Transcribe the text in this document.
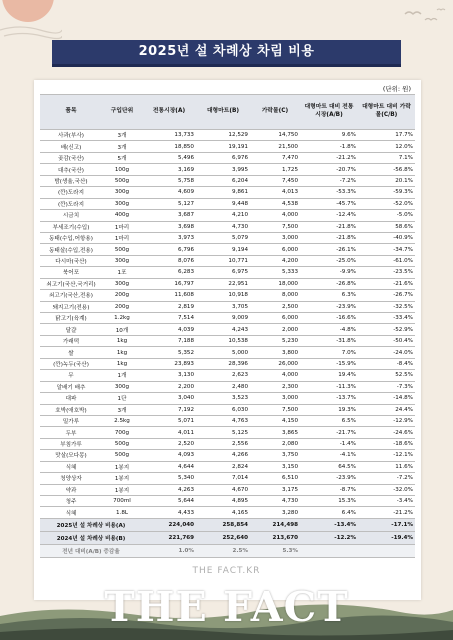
2025년 설 차례상 차림 비용
(단위: 원)
품목	구입단위	전통시장(A)	대형마트(B)	가락몰(C)	대형마트 대비 전통시장(A/B)	대형마트 대비 가락몰(C/B)
사과(부사)	3개	13,733	12,529	14,750	9.6%	17.7%
배(신고)	3개	18,850	19,191	21,500	-1.8%	12.0%
곶감(국산)	5개	5,496	6,976	7,470	-21.2%	7.1%
대추(국산)	100g	3,169	3,995	1,725	-20.7%	-56.8%
밤(생율,국산)	500g	5,758	6,204	7,450	-7.2%	20.1%
(깐)도라지	300g	4,609	9,861	4,013	-53.3%	-59.3%
(깐)도라지	300g	5,127	9,448	4,538	-45.7%	-52.0%
시금치	400g	3,687	4,210	4,000	-12.4%	-5.0%
부세조기(수입)	1마리	3,698	4,730	7,500	-21.8%	58.6%
동태(수입,어항용)	1마리	3,973	5,079	3,000	-21.8%	-40.9%
동태살(수입,전용)	500g	6,796	9,194	6,000	-26.1%	-34.7%
다시마(국산)	300g	8,076	10,771	4,200	-25.0%	-61.0%
북어포	1포	6,283	6,975	5,333	-9.9%	-23.5%
쇠고기(국산,국거리)	300g	16,797	22,951	18,000	-26.8%	-21.6%
쇠고기(국산,전용)	200g	11,608	10,918	8,000	6.3%	-26.7%
돼지고기(전용)	200g	2,819	3,705	2,500	-23.9%	-32.5%
닭고기(육계)	1.2kg	7,514	9,009	6,000	-16.6%	-33.4%
달걀	10개	4,039	4,243	2,000	-4.8%	-52.9%
가래떡	1kg	7,188	10,538	5,230	-31.8%	-50.4%
쌀	1kg	5,352	5,000	3,800	7.0%	-24.0%
(깐)녹두(국산)	1kg	23,893	28,396	26,000	-15.9%	-8.4%
무	1개	3,130	2,623	4,000	19.4%	52.5%
알배기 배추	300g	2,200	2,480	2,300	-11.3%	-7.3%
대파	1단	3,040	3,523	3,000	-13.7%	-14.8%
호박(애호박)	3개	7,192	6,030	7,500	19.3%	24.4%
밀가루	2.5kg	5,071	4,763	4,150	6.5%	-12.9%
두부	700g	4,011	5,125	3,865	-21.7%	-24.6%
부침가루	500g	2,520	2,556	2,080	-1.4%	-18.6%
맛살(모다몽)	500g	4,093	4,266	3,750	-4.1%	-12.1%
식혜	1봉지	4,644	2,824	3,150	64.5%	11.6%
청양상자	1봉지	5,340	7,014	6,510	-23.9%	-7.2%
약과	1봉지	4,263	4,670	3,175	-8.7%	-32.0%
청주	700ml	5,644	4,895	4,730	15.3%	-3.4%
식혜	1.8L	4,433	4,165	3,280	6.4%	-21.2%
2025년 설 차례상 비용(A)		224,040	258,854	214,498	-13.4%	-17.1%
2024년 설 차례상 비용(B)		221,769	252,640	213,670	-12.2%	-19.4%
전년 대비(A/B) 증감율		1.0%	2.5%	5.3%		
THE FACT.KR
THE FACT
